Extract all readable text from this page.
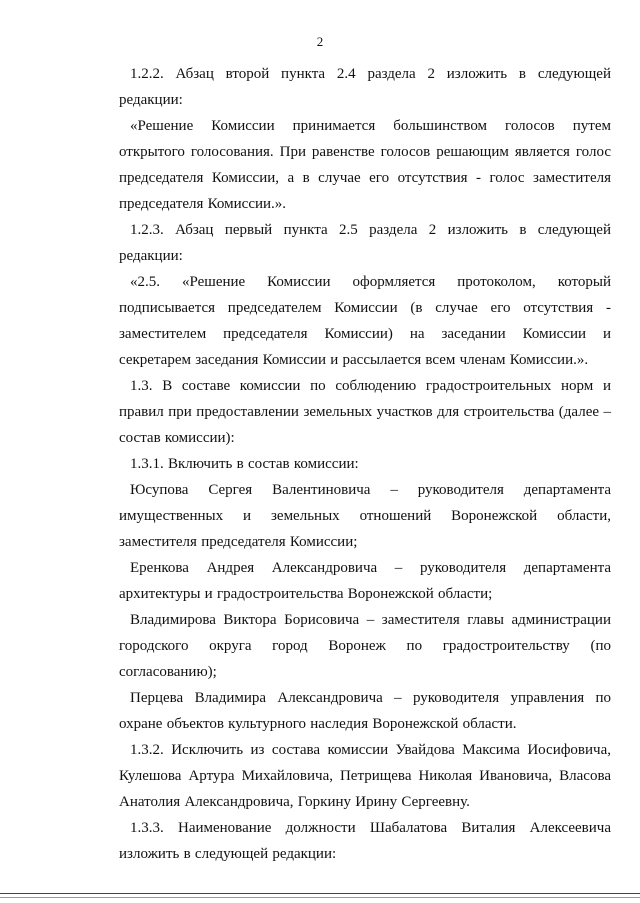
2

1.2.2. Абзац второй пункта 2.4 раздела 2 изложить в следующей редакции:

«Решение Комиссии принимается большинством голосов путем открытого голосования. При равенстве голосов решающим является голос председателя Комиссии, а в случае его отсутствия - голос заместителя председателя Комиссии.».

1.2.3. Абзац первый пункта 2.5 раздела 2 изложить в следующей редакции:

«2.5. «Решение Комиссии оформляется протоколом, который подписывается председателем Комиссии (в случае его отсутствия - заместителем председателя Комиссии) на заседании Комиссии и секретарем заседания Комиссии и рассылается всем членам Комиссии.».

1.3. В составе комиссии по соблюдению градостроительных норм и правил при предоставлении земельных участков для строительства (далее – состав комиссии):

1.3.1. Включить в состав комиссии:

Юсупова Сергея Валентиновича – руководителя департамента имущественных и земельных отношений Воронежской области, заместителя председателя Комиссии;

Еренкова Андрея Александровича – руководителя департамента архитектуры и градостроительства Воронежской области;

Владимирова Виктора Борисовича – заместителя главы администрации городского округа город Воронеж по градостроительству (по согласованию);

Перцева Владимира Александровича – руководителя управления по охране объектов культурного наследия Воронежской области.

1.3.2. Исключить из состава комиссии Увайдова Максима Иосифовича, Кулешова Артура Михайловича, Петрищева Николая Ивановича, Власова Анатолия Александровича, Горкину Ирину Сергеевну.

1.3.3. Наименование должности Шабалатова Виталия Алексеевича изложить в следующей редакции:
